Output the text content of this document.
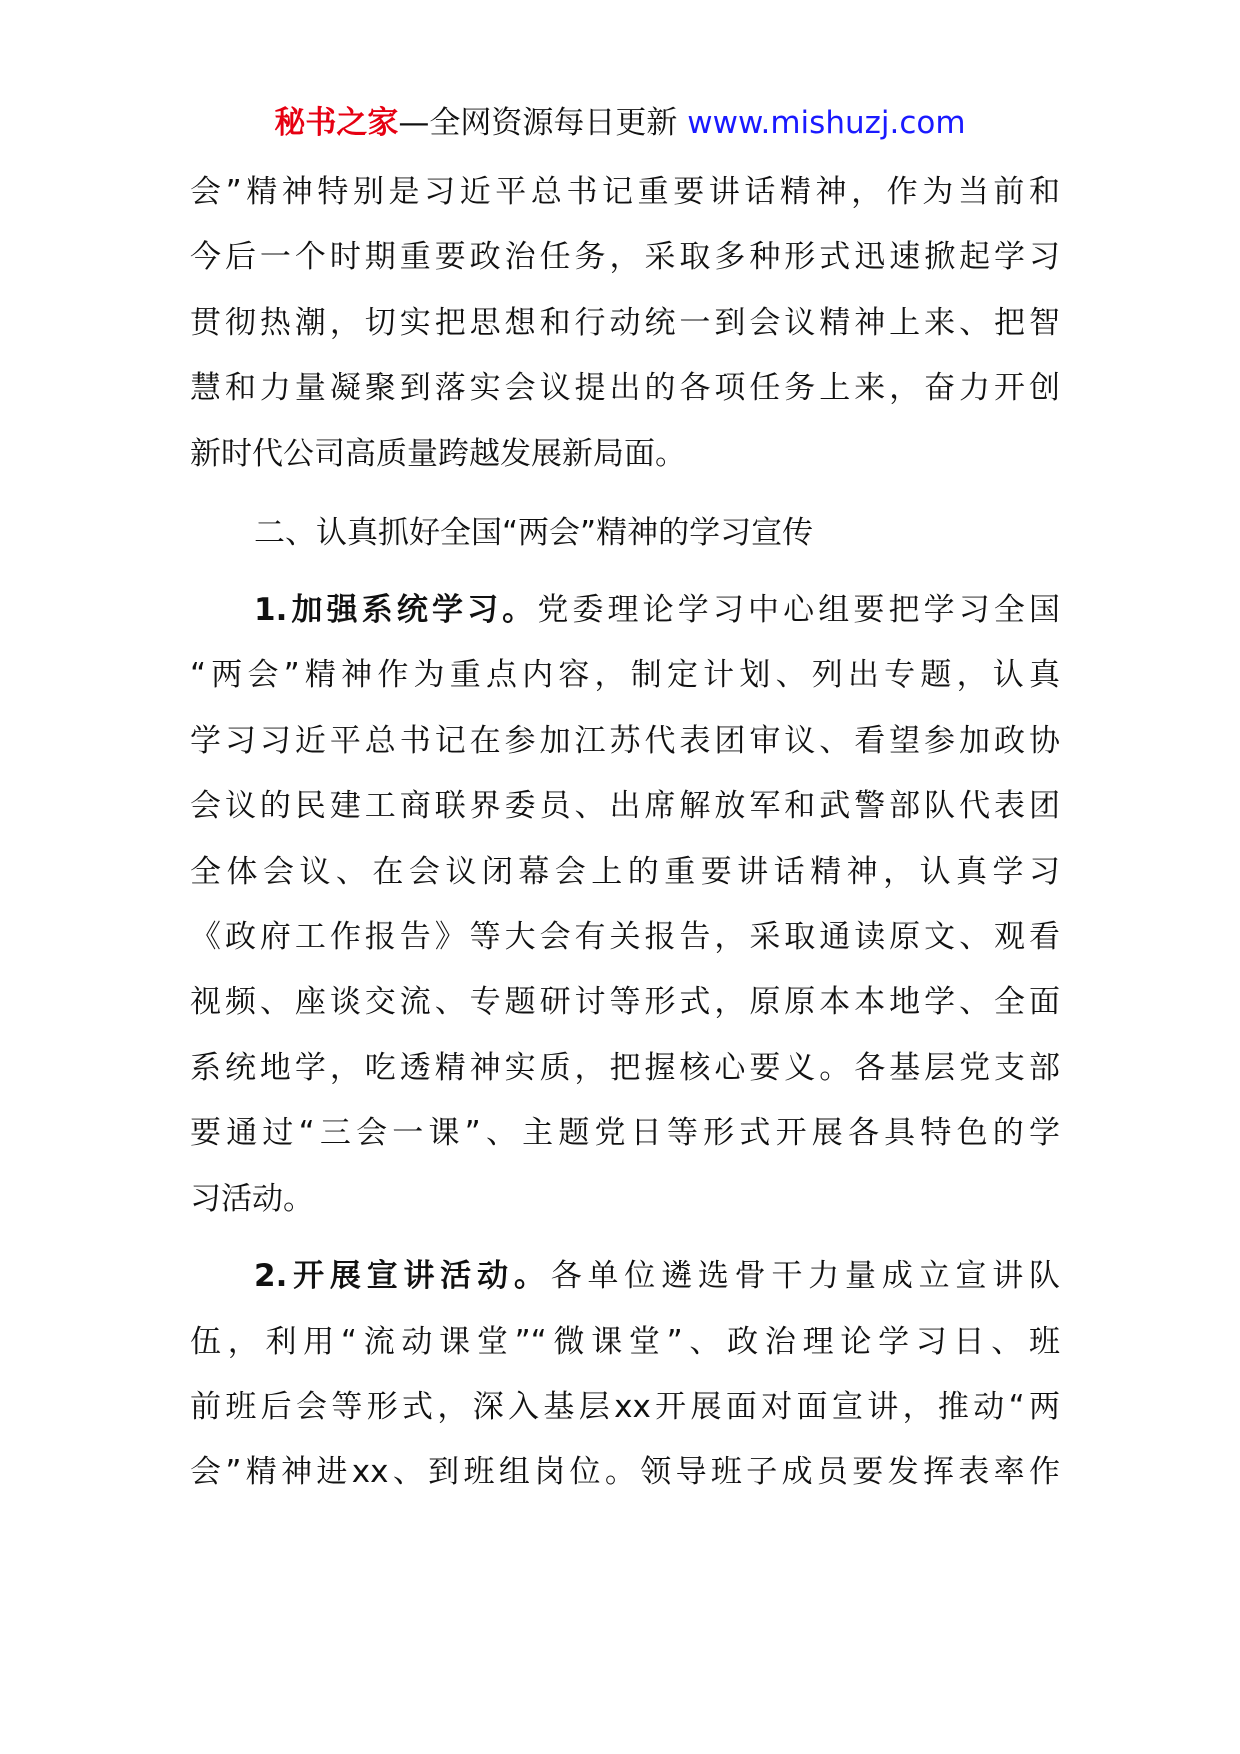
秘书之家—全网资源每日更新 www.mishuzj.com

会”精神特别是习近平总书记重要讲话精神，作为当前和
今后一个时期重要政治任务，采取多种形式迅速掀起学习
贯彻热潮，切实把思想和行动统一到会议精神上来、把智
慧和力量凝聚到落实会议提出的各项任务上来，奋力开创
新时代公司高质量跨越发展新局面。

二、认真抓好全国“两会”精神的学习宣传

1.加强系统学习。党委理论学习中心组要把学习全国
“两会”精神作为重点内容，制定计划、列出专题，认真
学习习近平总书记在参加江苏代表团审议、看望参加政协
会议的民建工商联界委员、出席解放军和武警部队代表团
全体会议、在会议闭幕会上的重要讲话精神，认真学习
《政府工作报告》等大会有关报告，采取通读原文、观看
视频、座谈交流、专题研讨等形式，原原本本地学、全面
系统地学，吃透精神实质，把握核心要义。各基层党支部
要通过“三会一课”、主题党日等形式开展各具特色的学
习活动。

2.开展宣讲活动。各单位遴选骨干力量成立宣讲队
伍，利用“流动课堂”“微课堂”、政治理论学习日、班
前班后会等形式，深入基层xx开展面对面宣讲，推动“两
会”精神进xx、到班组岗位。领导班子成员要发挥表率作
